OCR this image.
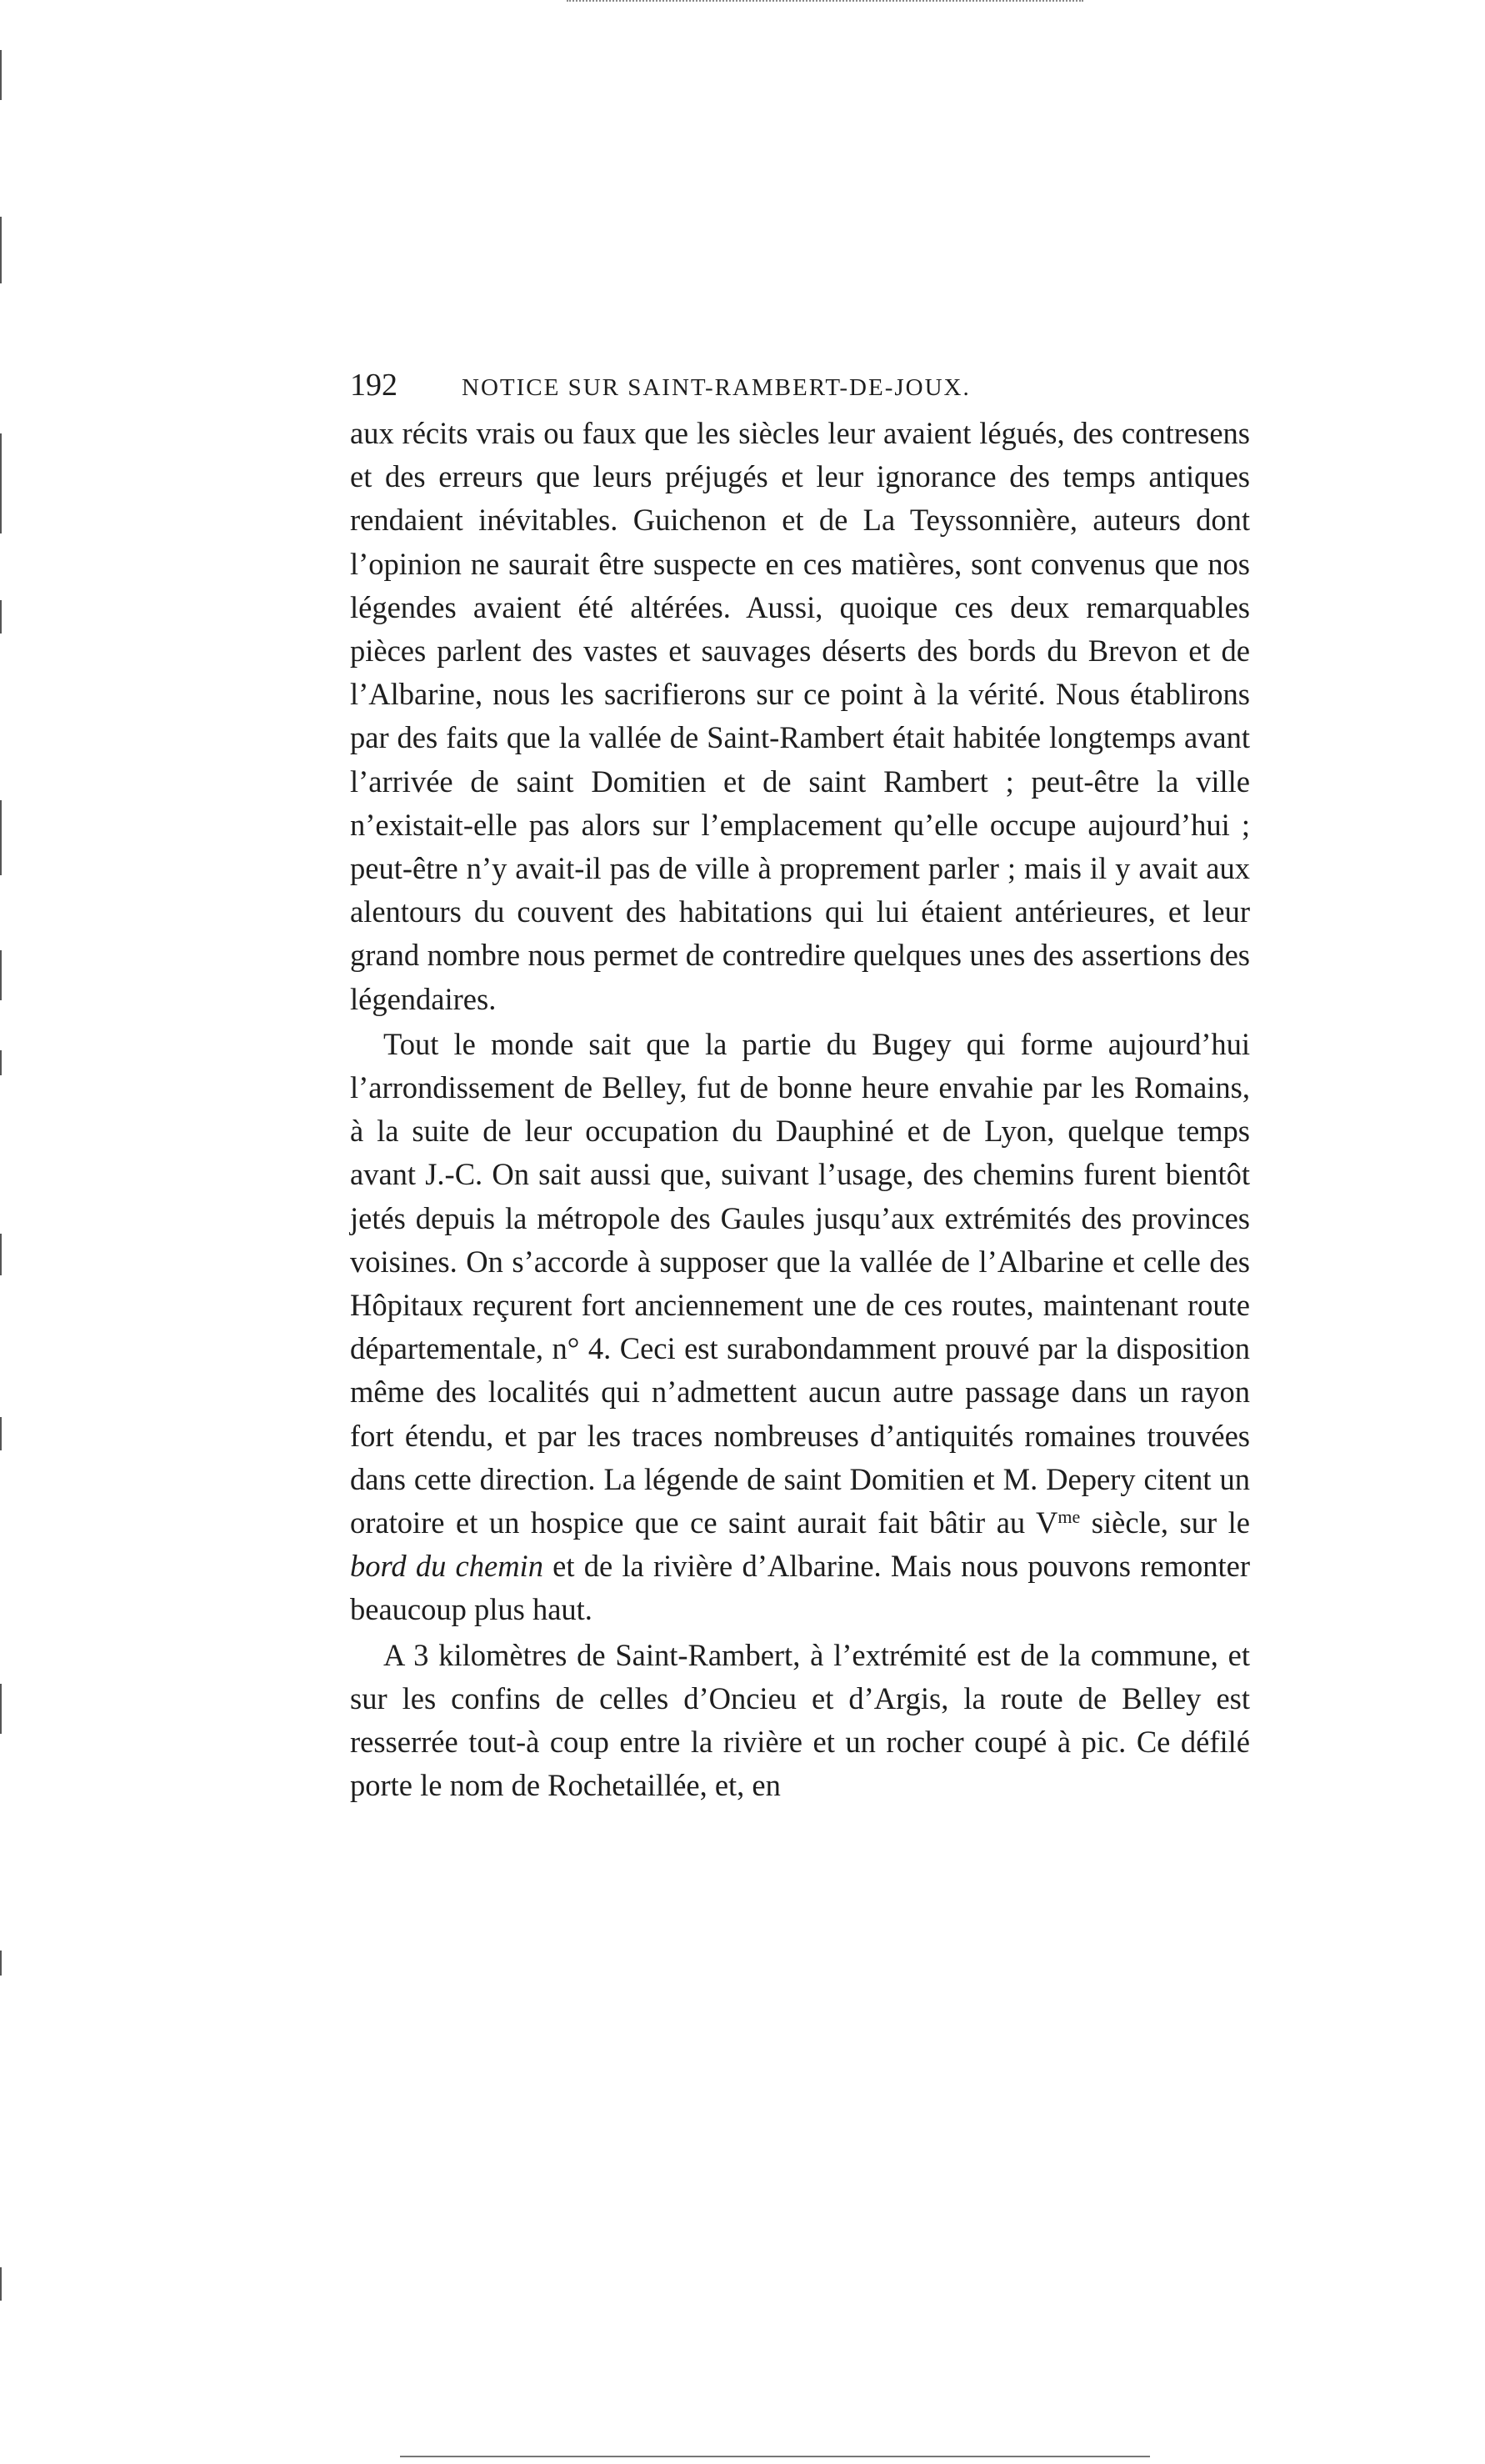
192	NOTICE SUR SAINT-RAMBERT-DE-JOUX.

aux récits vrais ou faux que les siècles leur avaient légués, des contresens et des erreurs que leurs préjugés et leur ignorance des temps antiques rendaient inévitables. Guichenon et de La Teyssonnière, auteurs dont l’opinion ne saurait être suspecte en ces matières, sont convenus que nos légendes avaient été altérées. Aussi, quoique ces deux remarquables pièces parlent des vastes et sauvages déserts des bords du Brevon et de l’Albarine, nous les sacrifierons sur ce point à la vérité. Nous établirons par des faits que la vallée de Saint-Rambert était habitée longtemps avant l’arrivée de saint Domitien et de saint Rambert ; peut-être la ville n’existait-elle pas alors sur l’emplacement qu’elle occupe aujourd’hui ; peut-être n’y avait-il pas de ville à proprement parler ; mais il y avait aux alentours du couvent des habitations qui lui étaient antérieures, et leur grand nombre nous permet de contredire quelques unes des assertions des légendaires.

Tout le monde sait que la partie du Bugey qui forme aujourd’hui l’arrondissement de Belley, fut de bonne heure envahie par les Romains, à la suite de leur occupation du Dauphiné et de Lyon, quelque temps avant J.-C. On sait aussi que, suivant l’usage, des chemins furent bientôt jetés depuis la métropole des Gaules jusqu’aux extrémités des provinces voisines. On s’accorde à supposer que la vallée de l’Albarine et celle des Hôpitaux reçurent fort anciennement une de ces routes, maintenant route départementale, n° 4. Ceci est surabondamment prouvé par la disposition même des localités qui n’admettent aucun autre passage dans un rayon fort étendu, et par les traces nombreuses d’antiquités romaines trouvées dans cette direction. La légende de saint Domitien et M. Depery citent un oratoire et un hospice que ce saint aurait fait bâtir au $V^{me}$ siècle, sur le bord du chemin et de la rivière d’Albarine. Mais nous pouvons remonter beaucoup plus haut.

A 3 kilomètres de Saint-Rambert, à l’extrémité est de la commune, et sur les confins de celles d’Oncieu et d’Argis, la route de Belley est resserrée tout-à coup entre la rivière et un rocher coupé à pic. Ce défilé porte le nom de Rochetaillée, et, en
